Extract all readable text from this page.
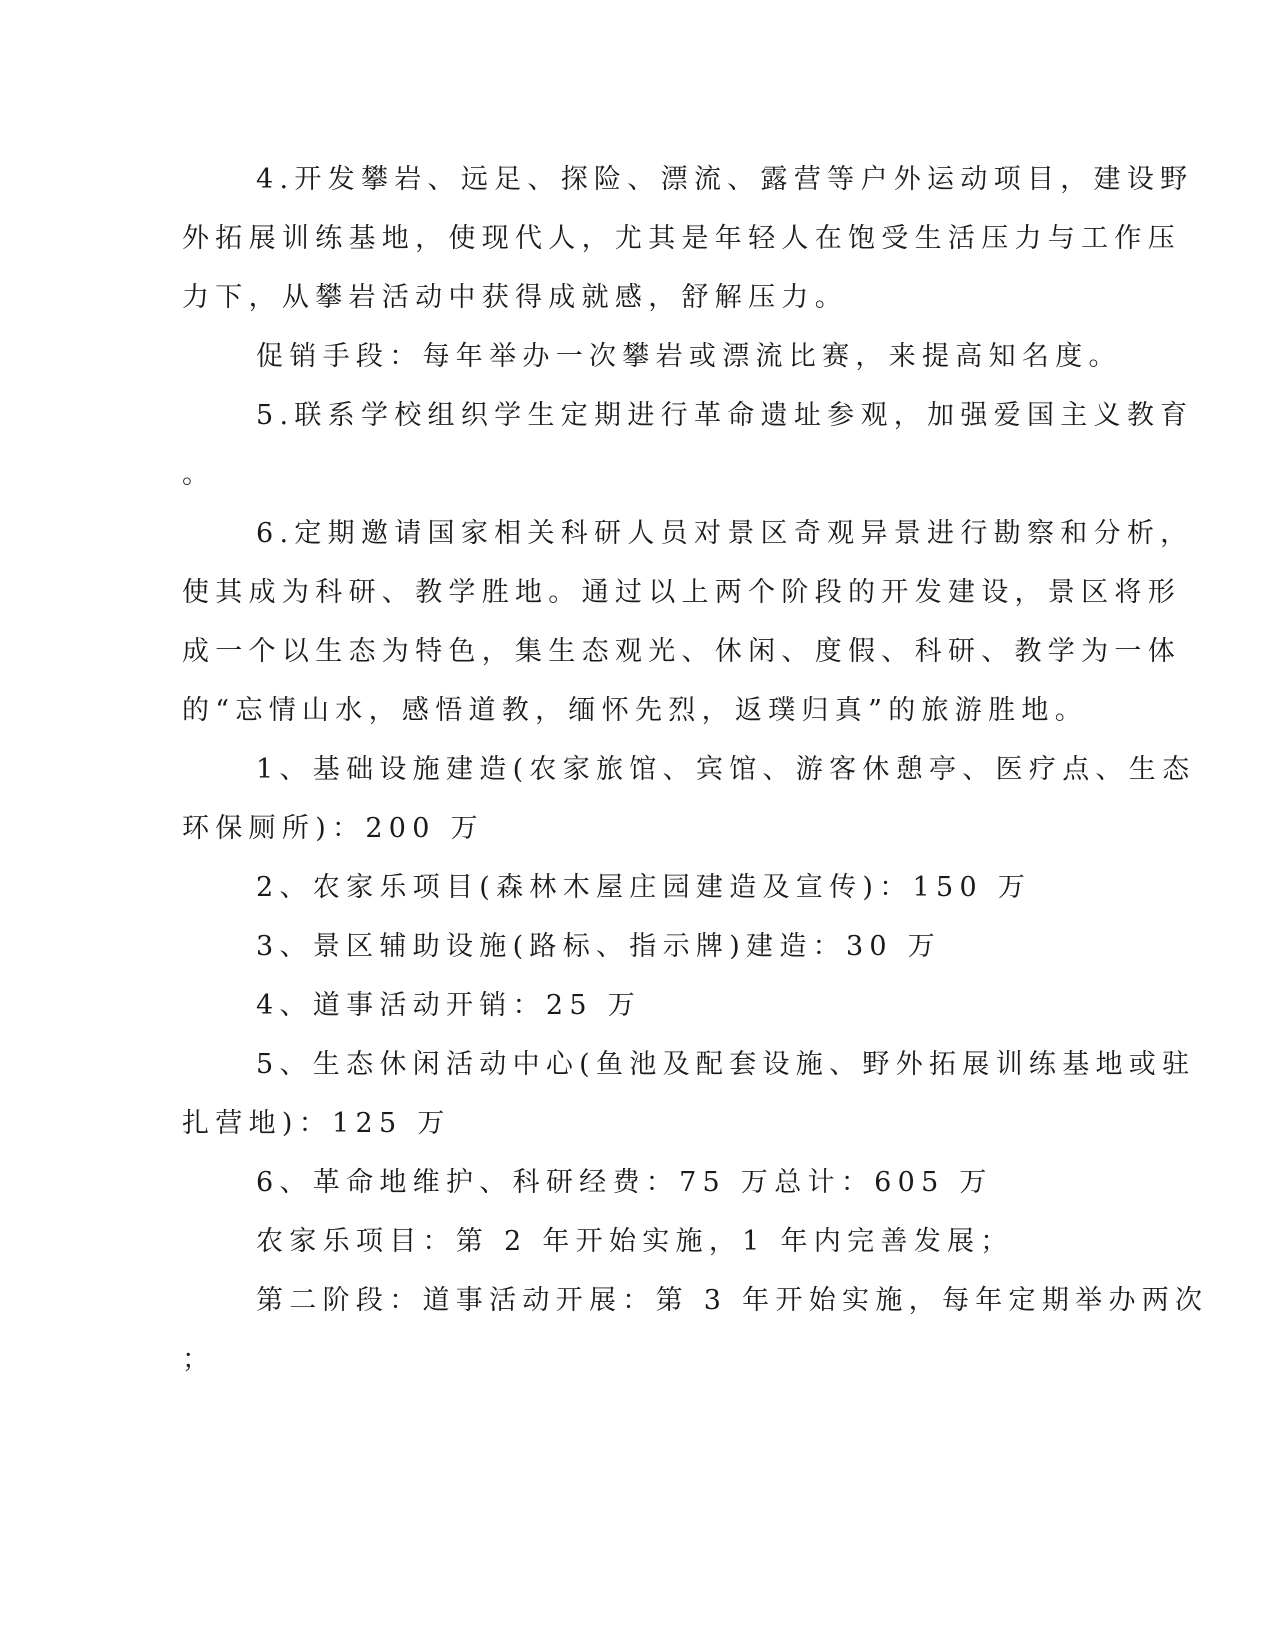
4.开发攀岩、远足、探险、漂流、露营等户外运动项目，建设野
外拓展训练基地，使现代人，尤其是年轻人在饱受生活压力与工作压
力下，从攀岩活动中获得成就感，舒解压力。
促销手段：每年举办一次攀岩或漂流比赛，来提高知名度。
5.联系学校组织学生定期进行革命遗址参观，加强爱国主义教育
。
6.定期邀请国家相关科研人员对景区奇观异景进行勘察和分析，
使其成为科研、教学胜地。通过以上两个阶段的开发建设，景区将形
成一个以生态为特色，集生态观光、休闲、度假、科研、教学为一体
的“忘情山水，感悟道教，缅怀先烈，返璞归真”的旅游胜地。
1、基础设施建造(农家旅馆、宾馆、游客休憩亭、医疗点、生态
环保厕所)：200 万
2、农家乐项目(森林木屋庄园建造及宣传)：150 万
3、景区辅助设施(路标、指示牌)建造：30 万
4、道事活动开销：25 万
5、生态休闲活动中心(鱼池及配套设施、野外拓展训练基地或驻
扎营地)：125 万
6、革命地维护、科研经费：75 万总计：605 万
农家乐项目：第 2 年开始实施，1 年内完善发展；
第二阶段：道事活动开展：第 3 年开始实施，每年定期举办两次
；
